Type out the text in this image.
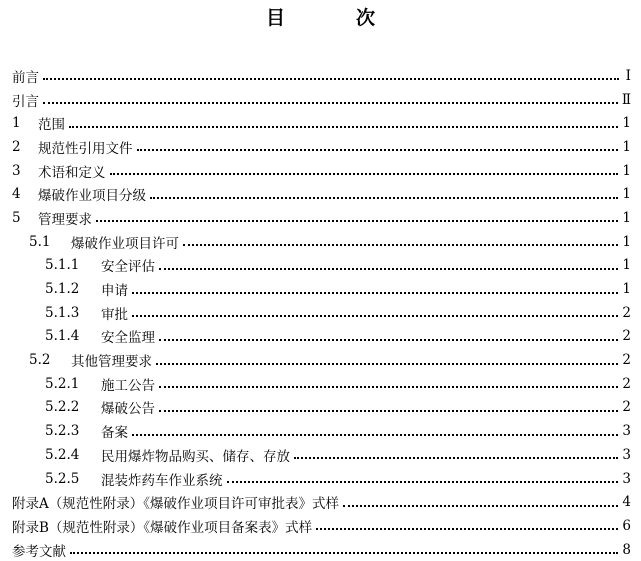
目　次
前言	Ⅰ
引言	Ⅱ
1	范围	1
2	规范性引用文件	1
3	术语和定义	1
4	爆破作业项目分级	1
5	管理要求	1
5.1	爆破作业项目许可	1
5.1.1	安全评估	1
5.1.2	申请	1
5.1.3	审批	2
5.1.4	安全监理	2
5.2	其他管理要求	2
5.2.1	施工公告	2
5.2.2	爆破公告	2
5.2.3	备案	3
5.2.4	民用爆炸物品购买、储存、存放	3
5.2.5	混装炸药车作业系统	3
附录A（规范性附录）《爆破作业项目许可审批表》式样	4
附录B（规范性附录）《爆破作业项目备案表》式样	6
参考文献	8
